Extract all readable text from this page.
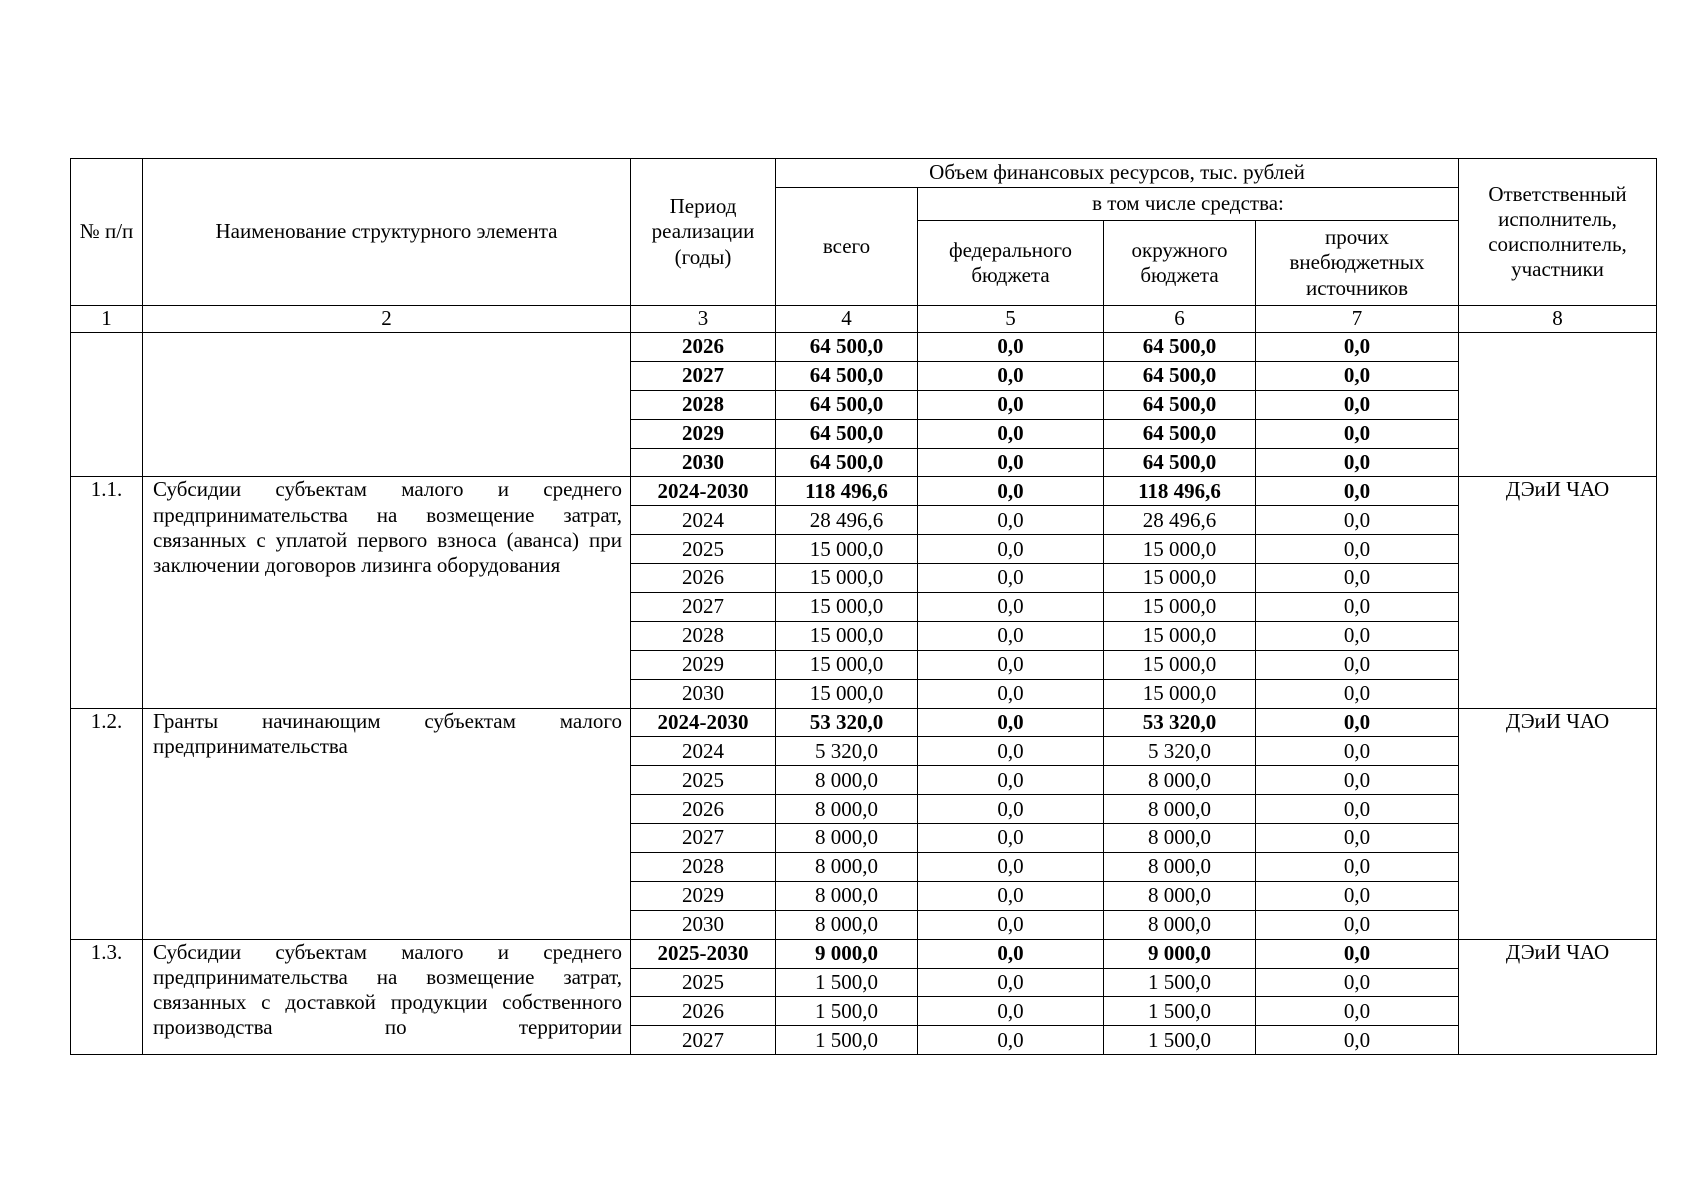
№ п/п	Наименование структурного элемента	Период реализации (годы)	Объем финансовых ресурсов, тыс. рублей				Ответственный исполнитель, соисполнитель, участники
			всего	в том числе средства:			
				федерального бюджета	окружного бюджета	прочих внебюджетных источников	
1	2	3	4	5	6	7	8
		2026	64 500,0	0,0	64 500,0	0,0	
		2027	64 500,0	0,0	64 500,0	0,0	
		2028	64 500,0	0,0	64 500,0	0,0	
		2029	64 500,0	0,0	64 500,0	0,0	
		2030	64 500,0	0,0	64 500,0	0,0	
1.1.	Субсидии субъектам малого и среднего предпринимательства на возмещение затрат, связанных с уплатой первого взноса (аванса) при заключении договоров лизинга оборудования	2024-2030	118 496,6	0,0	118 496,6	0,0	ДЭиИ ЧАО
		2024	28 496,6	0,0	28 496,6	0,0	
		2025	15 000,0	0,0	15 000,0	0,0	
		2026	15 000,0	0,0	15 000,0	0,0	
		2027	15 000,0	0,0	15 000,0	0,0	
		2028	15 000,0	0,0	15 000,0	0,0	
		2029	15 000,0	0,0	15 000,0	0,0	
		2030	15 000,0	0,0	15 000,0	0,0	
1.2.	Гранты начинающим субъектам малого предпринимательства	2024-2030	53 320,0	0,0	53 320,0	0,0	ДЭиИ ЧАО
		2024	5 320,0	0,0	5 320,0	0,0	
		2025	8 000,0	0,0	8 000,0	0,0	
		2026	8 000,0	0,0	8 000,0	0,0	
		2027	8 000,0	0,0	8 000,0	0,0	
		2028	8 000,0	0,0	8 000,0	0,0	
		2029	8 000,0	0,0	8 000,0	0,0	
		2030	8 000,0	0,0	8 000,0	0,0	
1.3.	Субсидии субъектам малого и среднего предпринимательства на возмещение затрат, связанных с доставкой продукции собственного производства по территории	2025-2030	9 000,0	0,0	9 000,0	0,0	ДЭиИ ЧАО
		2025	1 500,0	0,0	1 500,0	0,0	
		2026	1 500,0	0,0	1 500,0	0,0	
		2027	1 500,0	0,0	1 500,0	0,0	
